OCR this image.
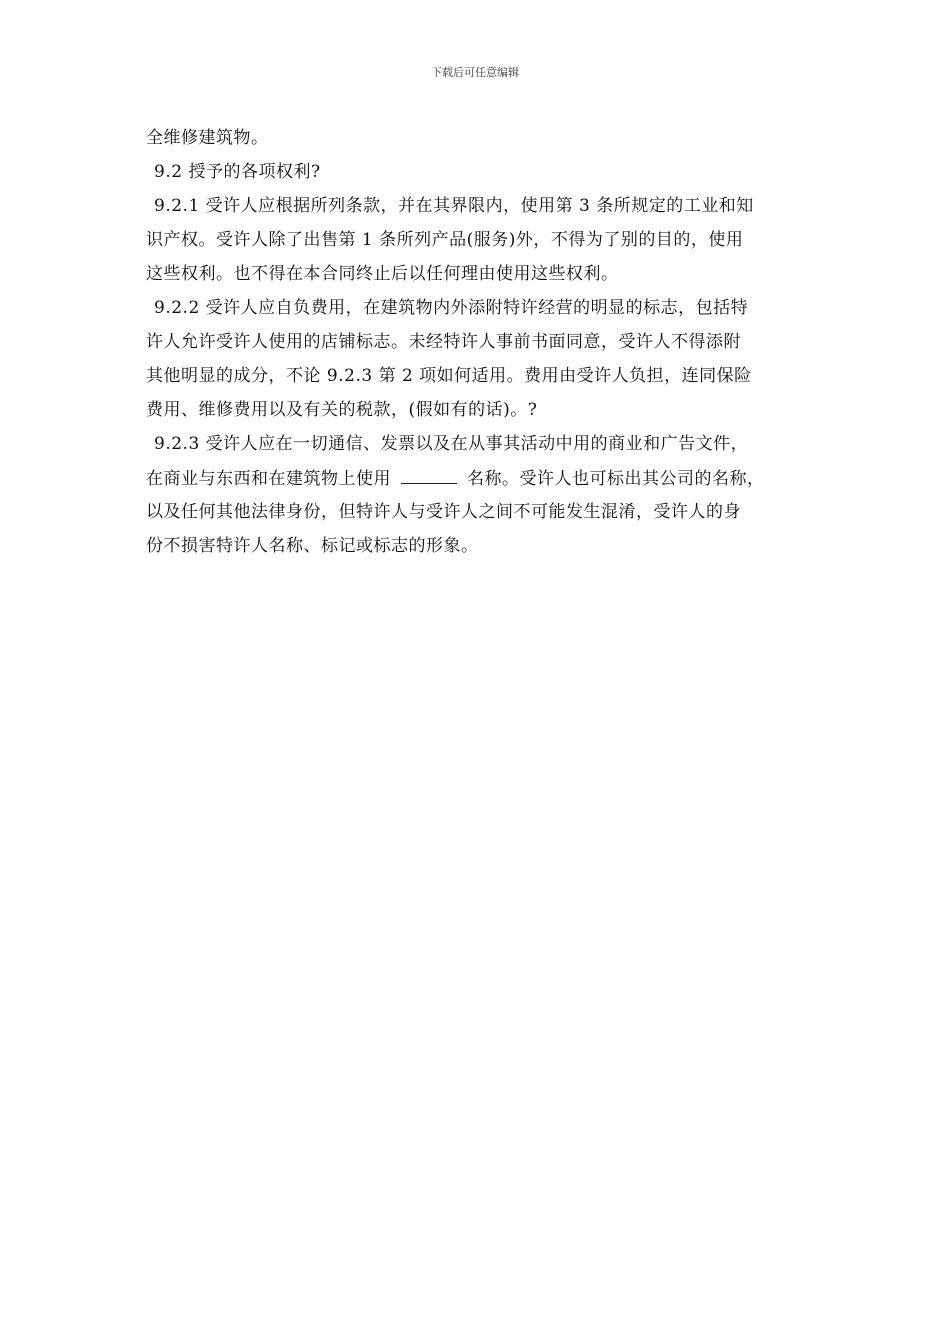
下载后可任意编辑
全维修建筑物。
9.2 授予的各项权利?
9.2.1 受许人应根据所列条款，并在其界限内，使用第 3 条所规定的工业和知
识产权。受许人除了出售第 1 条所列产品(服务)外，不得为了别的目的，使用
这些权利。也不得在本合同终止后以任何理由使用这些权利。
9.2.2 受许人应自负费用，在建筑物内外添附特许经营的明显的标志，包括特
许人允许受许人使用的店铺标志。未经特许人事前书面同意，受许人不得添附
其他明显的成分，不论 9.2.3 第 2 项如何适用。费用由受许人负担，连同保险
费用、维修费用以及有关的税款，(假如有的话)。?
9.2.3 受许人应在一切通信、发票以及在从事其活动中用的商业和广告文件，
在商业与东西和在建筑物上使用	名称。受许人也可标出其公司的名称，
以及任何其他法律身份，但特许人与受许人之间不可能发生混淆，受许人的身
份不损害特许人名称、标记或标志的形象。
